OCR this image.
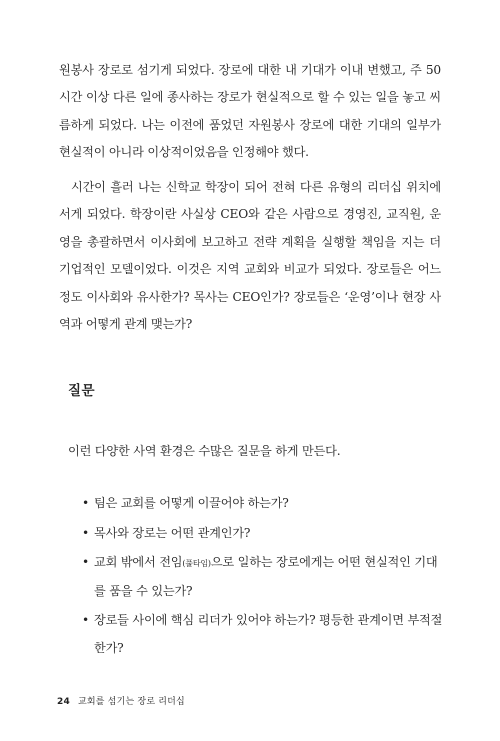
원봉사 장로로 섬기게 되었다. 장로에 대한 내 기대가 이내 변했고, 주 50시간 이상 다른 일에 종사하는 장로가 현실적으로 할 수 있는 일을 놓고 씨름하게 되었다. 나는 이전에 품었던 자원봉사 장로에 대한 기대의 일부가 현실적이 아니라 이상적이었음을 인정해야 했다.

시간이 흘러 나는 신학교 학장이 되어 전혀 다른 유형의 리더십 위치에 서게 되었다. 학장이란 사실상 CEO와 같은 사람으로 경영진, 교직원, 운영을 총괄하면서 이사회에 보고하고 전략 계획을 실행할 책임을 지는 더 기업적인 모델이었다. 이것은 지역 교회와 비교가 되었다. 장로들은 어느 정도 이사회와 유사한가? 목사는 CEO인가? 장로들은 ‘운영’이나 현장 사역과 어떻게 관계 맺는가?

질문
이런 다양한 사역 환경은 수많은 질문을 하게 만든다.
• 팀은 교회를 어떻게 이끌어야 하는가?
• 목사와 장로는 어떤 관계인가?
• 교회 밖에서 전임(풀타임)으로 일하는 장로에게는 어떤 현실적인 기대를 품을 수 있는가?
• 장로들 사이에 핵심 리더가 있어야 하는가? 평등한 관계이면 부적절한가?
24 교회를 섬기는 장로 리더십
